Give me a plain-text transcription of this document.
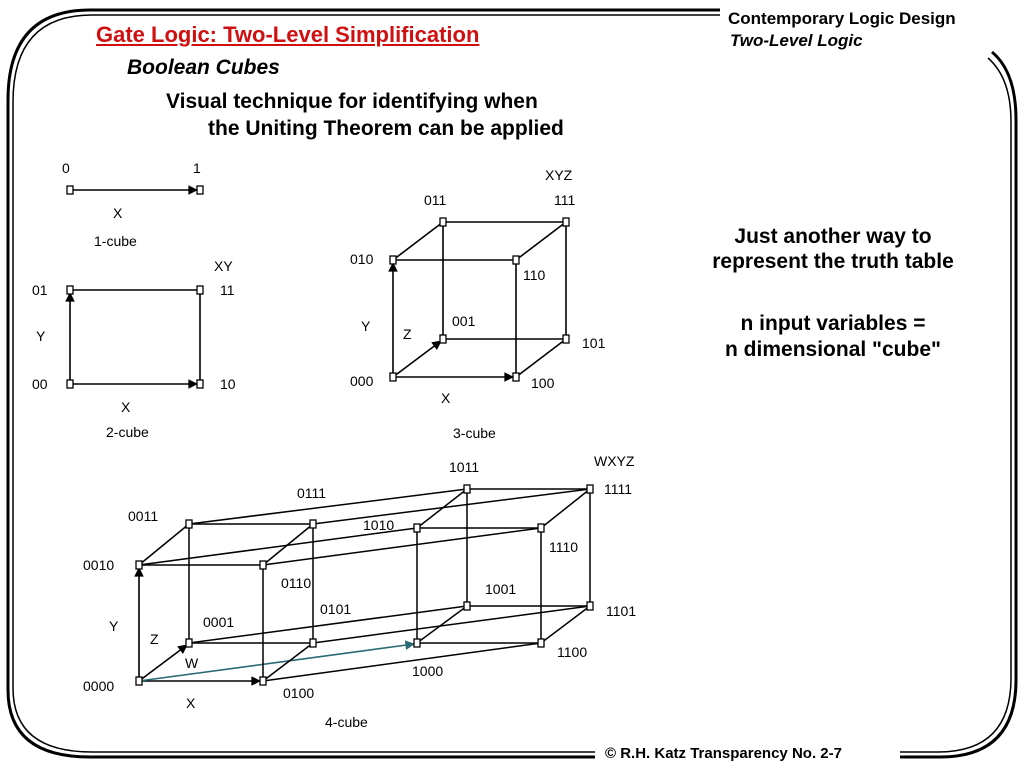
Gate Logic: Two-Level Simplification
Boolean Cubes
Contemporary Logic Design
Two-Level Logic
Visual technique for identifying when
the Uniting Theorem can be applied
Just another way to
represent the truth table
n input variables =
n dimensional "cube"
© R.H. Katz Transparency No. 2-7
0	1
X
1-cube
00
01
10
11
XY
Y
X
2-cube
000
001
010
011
100
101
110
111
XYZ
Y Z
X
3-cube
0000
0001
0010
0011
0100
0101
0110
0111
1000
1001
1010
1011
1100
1101
1110
1111
WXYZ
Y
Z
W
X
4-cube
